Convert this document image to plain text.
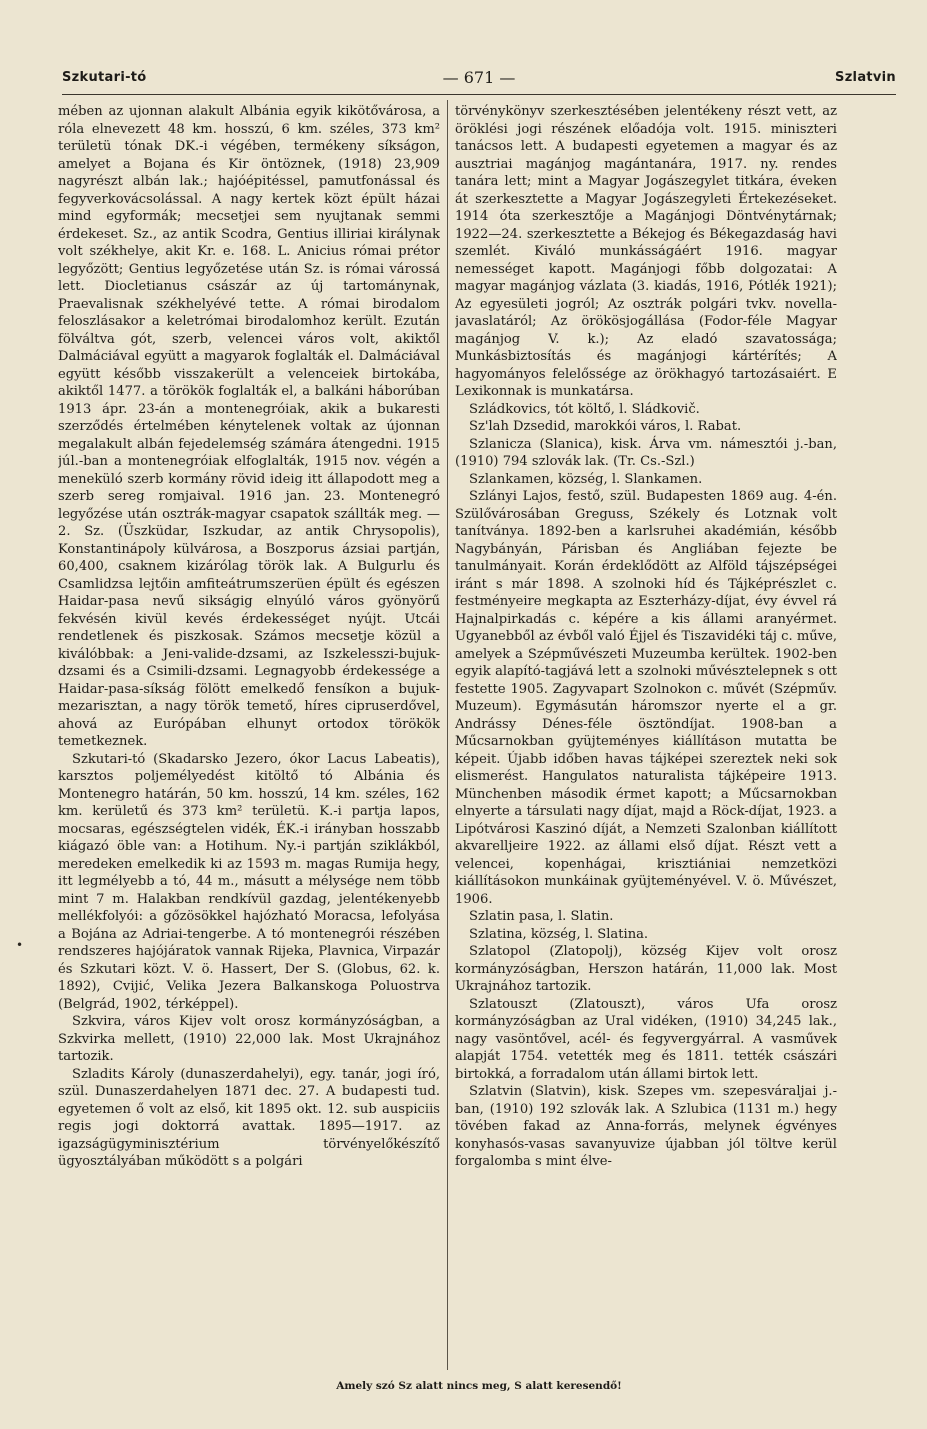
Szkutari-tó	— 671 —	Szlatvin
•

mében az ujonnan alakult Albánia egyik kikötővárosa, a róla elnevezett 48 km. hosszú, 6 km. széles, 373 km² területü tónak DK.-i végében, termékeny síkságon, amelyet a Bojana és Kir öntöznek, (1918) 23,909 nagyrészt albán lak.; hajóépitéssel, pamutfonással és fegyverkovácsolással. A nagy kertek közt épült házai mind egyformák; mecsetjei sem nyujtanak semmi érdekeset. Sz., az antik Scodra, Gentius illiriai királynak volt székhelye, akit Kr. e. 168. L. Anicius római prétor legyőzött; Gentius legyőzetése után Sz. is római várossá lett. Diocletianus császár az új tartománynak, Praevalisnak székhelyévé tette. A római birodalom feloszlásakor a keletrómai birodalomhoz került. Ezután fölváltva gót, szerb, velencei város volt, akiktől Dalmáciával együtt a magyarok foglalták el. Dalmáciával együtt később visszakerült a velenceiek birtokába, akiktől 1477. a törökök foglalták el, a balkáni háborúban 1913 ápr. 23-án a montenegróiak, akik a bukaresti szerződés értelmében kénytelenek voltak az újonnan megalakult albán fejedelemség számára átengedni. 1915 júl.-ban a montenegróiak elfoglalták, 1915 nov. végén a meneküló szerb kormány rövid ideig itt állapodott meg a szerb sereg romjaival. 1916 jan. 23. Montenegró legyőzése után osztrák-magyar csapatok szállták meg. — 2. Sz. (Üszküdar, Iszkudar, az antik Chrysopolis), Konstantinápoly külvárosa, a Boszporus ázsiai partján, 60,400, csaknem kizárólag török lak. A Bulgurlu és Csamlidzsa lejtőin amfiteátrumszerüen épült és egészen Haidar-pasa nevű sikságig elnyúló város gyönyörű fekvésén kivül kevés érdekességet nyújt. Utcái rendetlenek és piszkosak. Számos mecsetje közül a kiválóbbak: a Jeni-valide-dzsami, az Iszkelesszi-bujuk-dzsami és a Csimili-dzsami. Legnagyobb érdekessége a Haidar-pasa-síkság fölött emelkedő fensíkon a bujuk-mezarisztan, a nagy török temető, híres cipruserdővel, ahová az Európában elhunyt ortodox törökök temetkeznek.

Szkutari-tó (Skadarsko Jezero, ókor Lacus Labeatis), karsztos poljemélyedést kitöltő tó Albánia és Montenegro határán, 50 km. hosszú, 14 km. széles, 162 km. kerületű és 373 km² területü. K.-i partja lapos, mocsaras, egészségtelen vidék, ÉK.-i irányban hosszabb kiágazó öble van: a Hotihum. Ny.-i partján sziklákból, meredeken emelkedik ki az 1593 m. magas Rumija hegy, itt legmélyebb a tó, 44 m., másutt a mélysége nem több mint 7 m. Halakban rendkívül gazdag, jelentékenyebb mellékfolyói: a gőzösökkel hajózható Moracsa, lefolyása a Bojána az Adriai-tengerbe. A tó montenegrói részében rendszeres hajójáratok vannak Rijeka, Plavnica, Virpazár és Szkutari közt. V. ö. Hassert, Der S. (Globus, 62. k. 1892), Cvijić, Velika Jezera Balkanskoga Poluostrva (Belgrád, 1902, térképpel).

Szkvira, város Kijev volt orosz kormányzóságban, a Szkvirka mellett, (1910) 22,000 lak. Most Ukrajnához tartozik.

Szladits Károly (dunaszerdahelyi), egy. tanár, jogi író, szül. Dunaszerdahelyen 1871 dec. 27. A budapesti tud. egyetemen ő volt az első, kit 1895 okt. 12. sub auspiciis regis jogi doktorrá avattak. 1895—1917. az igazságügyminisztérium törvényelőkészítő ügyosztályában működött s a polgári

törvénykönyv szerkesztésében jelentékeny részt vett, az öröklési jogi részének előadója volt. 1915. miniszteri tanácsos lett. A budapesti egyetemen a magyar és az ausztriai magánjog magántanára, 1917. ny. rendes tanára lett; mint a Magyar Jogászegylet titkára, éveken át szerkesztette a Magyar Jogászegyleti Értekezéseket. 1914 óta szerkesztője a Magánjogi Döntvénytárnak; 1922—24. szerkesztette a Békejog és Békegazdaság havi szemlét. Kiváló munkásságáért 1916. magyar nemességet kapott. Magánjogi főbb dolgozatai: A magyar magánjog vázlata (3. kiadás, 1916, Pótlék 1921); Az egyesületi jogról; Az osztrák polgári tvkv. novella-javaslatáról; Az örökösjogállása (Fodor-féle Magyar magánjog V. k.); Az eladó szavatossága; Munkásbiztosítás és magánjogi kártérítés; A hagyományos felelőssége az örökhagyó tartozásaiért. E Lexikonnak is munkatársa.

Szládkovics, tót költő, l. Sládkovič.

Sz'lah Dzsedid, marokkói város, l. Rabat.

Szlanicza (Slanica), kisk. Árva vm. námesztói j.-ban, (1910) 794 szlovák lak. (Tr. Cs.-Szl.)

Szlankamen, község, l. Slankamen.

Szlányi Lajos, festő, szül. Budapesten 1869 aug. 4-én. Szülővárosában Greguss, Székely és Lotznak volt tanítványa. 1892-ben a karlsruhei akadémián, később Nagybányán, Párisban és Angliában fejezte be tanulmányait. Korán érdeklődött az Alföld tájszépségei iránt s már 1898. A szolnoki híd és Tájképrészlet c. festményeire megkapta az Eszterházy-díjat, évy évvel rá Hajnalpirkadás c. képére a kis állami aranyérmet. Ugyanebből az évből való Éjjel és Tiszavidéki táj c. műve, amelyek a Szépművészeti Muzeumba kerültek. 1902-ben egyik alapító-tagjává lett a szolnoki művésztelepnek s ott festette 1905. Zagyvapart Szolnokon c. művét (Szépműv. Muzeum). Egymásután háromszor nyerte el a gr. Andrássy Dénes-féle ösztöndíjat. 1908-ban a Műcsarnokban gyüjteményes kiállításon mutatta be képeit. Újabb időben havas tájképei szereztek neki sok elismerést. Hangulatos naturalista tájképeire 1913. Münchenben második érmet kapott; a Műcsarnokban elnyerte a társulati nagy díjat, majd a Röck-díjat, 1923. a Lipótvárosi Kaszinó díját, a Nemzeti Szalonban kiállított akvarelljeire 1922. az állami első díjat. Részt vett a velencei, kopenhágai, krisztiániai nemzetközi kiállításokon munkáinak gyüjteményével. V. ö. Művészet, 1906.

Szlatin pasa, l. Slatin.

Szlatina, község, l. Slatina.

Szlatopol (Zlatopolj), község Kijev volt orosz kormányzóságban, Herszon határán, 11,000 lak. Most Ukrajnához tartozik.

Szlatouszt (Zlatouszt), város Ufa orosz kormányzóságban az Ural vidéken, (1910) 34,245 lak., nagy vasöntővel, acél- és fegyvergyárral. A vasművek alapját 1754. vetették meg és 1811. tették császári birtokká, a forradalom után állami birtok lett.

Szlatvin (Slatvin), kisk. Szepes vm. szepesváraljai j.-ban, (1910) 192 szlovák lak. A Szlubica (1131 m.) hegy tövében fakad az Anna-forrás, melynek égvényes konyhasós-vasas savanyuvize újabban jól töltve kerül forgalomba s mint élve-

Amely szó Sz alatt nincs meg, S alatt keresendő!
